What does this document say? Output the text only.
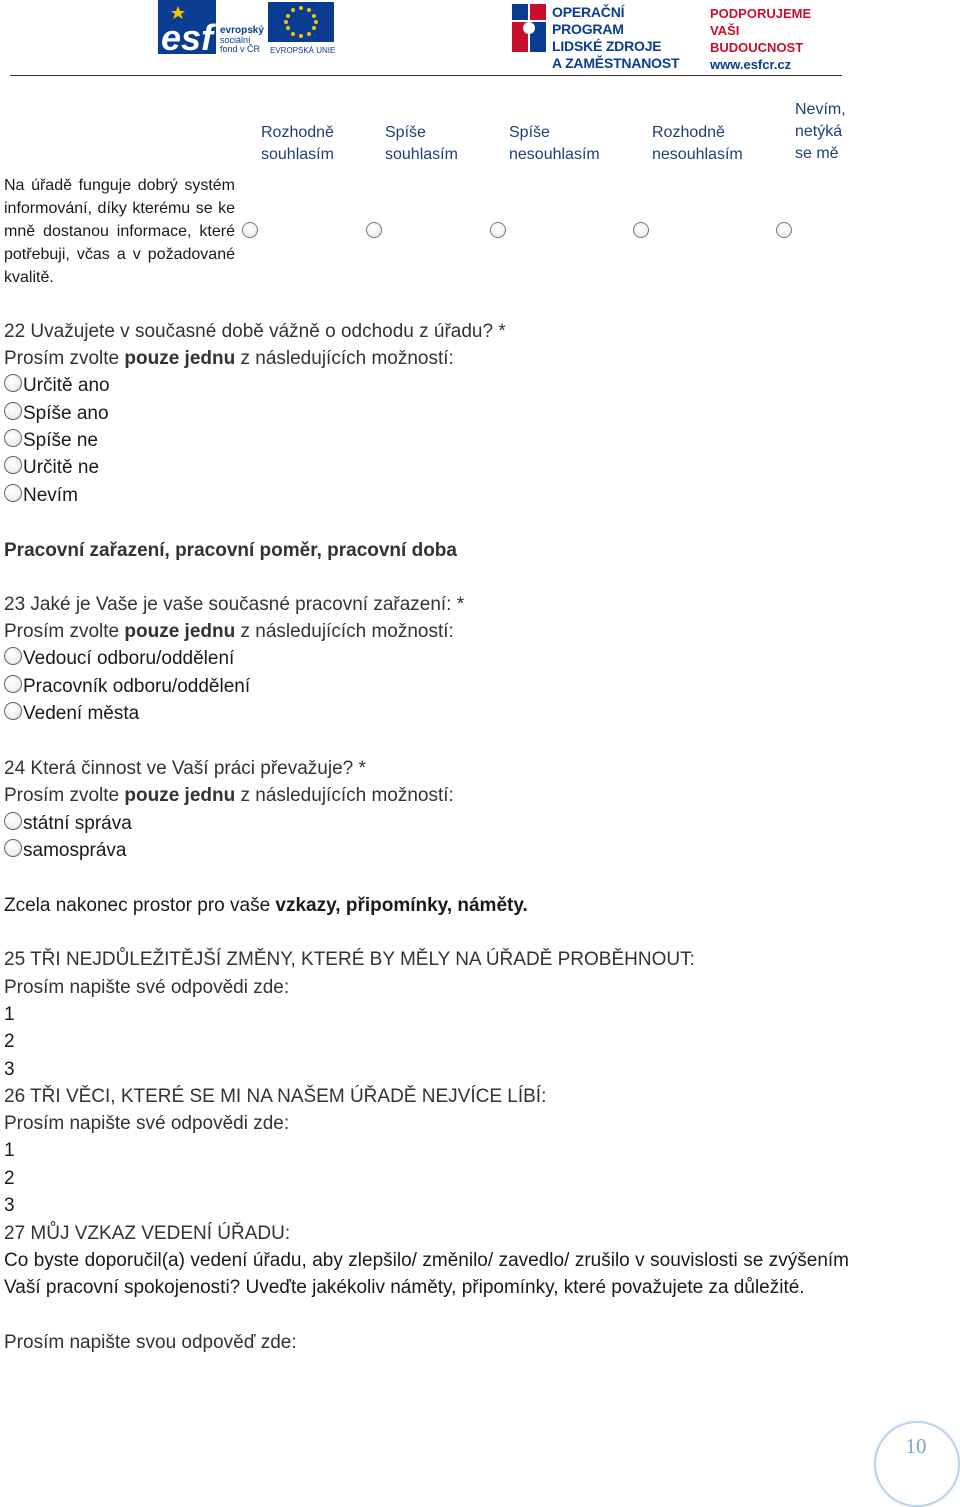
esf evropský
sociální
fond v ČR EVROPSKÁ UNIE
OPERAČNÍ PROGRAM
LIDSKÉ ZDROJE
A ZAMĚSTNANOST
PODPORUJEME
VAŠI BUDOUCNOST
www.esfcr.cz
Rozhodně
souhlasím
Spíše
souhlasím
Spíše
nesouhlasím
Rozhodně
nesouhlasím
Nevím,
netýká
se mě
Na úřadě funguje dobrý systém informování, díky kterému se ke mně dostanou informace, které potřebuji, včas a v požadované kvalitě.
22 Uvažujete v současné době vážně o odchodu z úřadu? *
Prosím zvolte pouze jednu z následujících možností:
Určitě ano
Spíše ano
Spíše ne
Určitě ne
Nevím
Pracovní zařazení, pracovní poměr, pracovní doba
23 Jaké je Vaše je vaše současné pracovní zařazení: *
Prosím zvolte pouze jednu z následujících možností:
Vedoucí odboru/oddělení
Pracovník odboru/oddělení
Vedení města
24 Která činnost ve Vaší práci převažuje? *
Prosím zvolte pouze jednu z následujících možností:
státní správa
samospráva
Zcela nakonec prostor pro vaše vzkazy, připomínky, náměty.
25 TŘI NEJDŮLEŽITĚJŠÍ ZMĚNY, KTERÉ BY MĚLY NA ÚŘADĚ PROBĚHNOUT:
Prosím napište své odpovědi zde:
1
2
3
26 TŘI VĚCI, KTERÉ SE MI NA NAŠEM ÚŘADĚ NEJVÍCE LÍBÍ:
Prosím napište své odpovědi zde:
1
2
3
27 MŮJ VZKAZ VEDENÍ ÚŘADU:
Co byste doporučil(a) vedení úřadu, aby zlepšilo/ změnilo/ zavedlo/ zrušilo v souvislosti se zvýšením Vaší pracovní spokojenosti? Uveďte jakékoliv náměty, připomínky, které považujete za důležité.
Prosím napište svou odpověď zde:
10
